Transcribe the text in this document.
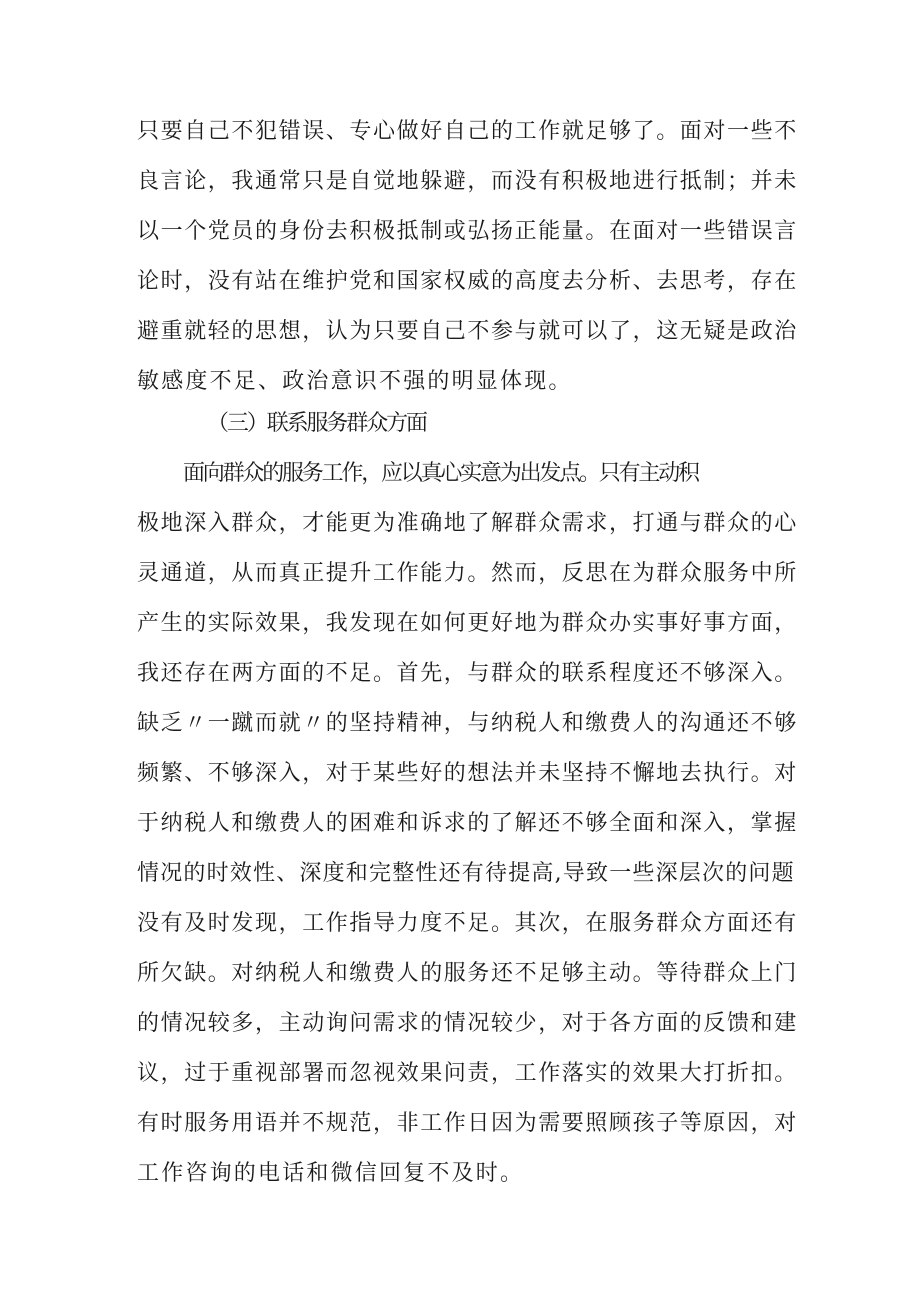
只要自己不犯错误、专心做好自己的工作就足够了。面对一些不
良言论，我通常只是自觉地躲避，而没有积极地进行抵制；并未
以一个党员的身份去积极抵制或弘扬正能量。在面对一些错误言
论时，没有站在维护党和国家权威的高度去分析、去思考，存在
避重就轻的思想，认为只要自己不参与就可以了，这无疑是政治
敏感度不足、政治意识不强的明显体现。
（三）联系服务群众方面
面向群众的服务工作，应以真心实意为出发点。只有主动积
极地深入群众，才能更为准确地了解群众需求，打通与群众的心
灵通道，从而真正提升工作能力。然而，反思在为群众服务中所
产生的实际效果，我发现在如何更好地为群众办实事好事方面，
我还存在两方面的不足。首先，与群众的联系程度还不够深入。
缺乏〃一蹴而就〃的坚持精神，与纳税人和缴费人的沟通还不够
频繁、不够深入，对于某些好的想法并未坚持不懈地去执行。对
于纳税人和缴费人的困难和诉求的了解还不够全面和深入，掌握
情况的时效性、深度和完整性还有待提高,导致一些深层次的问题
没有及时发现，工作指导力度不足。其次，在服务群众方面还有
所欠缺。对纳税人和缴费人的服务还不足够主动。等待群众上门
的情况较多，主动询问需求的情况较少，对于各方面的反馈和建
议，过于重视部署而忽视效果问责，工作落实的效果大打折扣。
有时服务用语并不规范，非工作日因为需要照顾孩子等原因，对
工作咨询的电话和微信回复不及时。
